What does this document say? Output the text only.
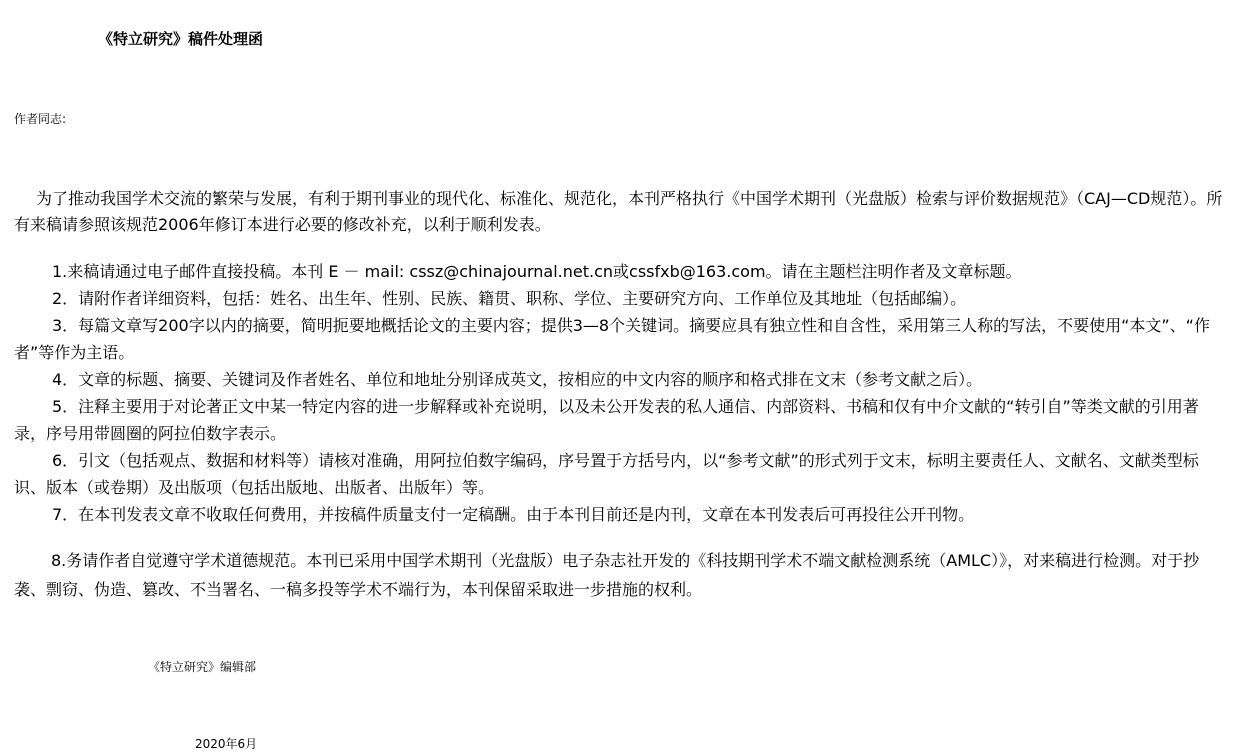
《特立研究》稿件处理函
作者同志:
为了推动我国学术交流的繁荣与发展，有利于期刊事业的现代化、标准化、规范化，本刊严格执行《中国学术期刊（光盘版）检索与评价数据规范》（CAJ—CD规范）。所有来稿请参照该规范2006年修订本进行必要的修改补充，以利于顺利发表。
1.来稿请通过电子邮件直接投稿。本刊 E － mail: cssz@chinajournal.net.cn或cssfxb@163.com。请在主题栏注明作者及文章标题。
2．请附作者详细资料，包括：姓名、出生年、性别、民族、籍贯、职称、学位、主要研究方向、工作单位及其地址（包括邮编）。
3．每篇文章写200字以内的摘要，简明扼要地概括论文的主要内容；提供3—8个关键词。摘要应具有独立性和自含性，采用第三人称的写法，不要使用“本文”、“作者”等作为主语。
4．文章的标题、摘要、关键词及作者姓名、单位和地址分别译成英文，按相应的中文内容的顺序和格式排在文末（参考文献之后）。
5．注释主要用于对论著正文中某一特定内容的进一步解释或补充说明，以及未公开发表的私人通信、内部资料、书稿和仅有中介文献的“转引自”等类文献的引用著录，序号用带圆圈的阿拉伯数字表示。
6．引文（包括观点、数据和材料等）请核对准确，用阿拉伯数字编码，序号置于方括号内，以“参考文献”的形式列于文末，标明主要责任人、文献名、文献类型标识、版本（或卷期）及出版项（包括出版地、出版者、出版年）等。
7．在本刊发表文章不收取任何费用，并按稿件质量支付一定稿酬。由于本刊目前还是内刊，文章在本刊发表后可再投往公开刊物。
8.务请作者自觉遵守学术道德规范。本刊已采用中国学术期刊（光盘版）电子杂志社开发的《科技期刊学术不端文献检测系统（AMLC）》，对来稿进行检测。对于抄袭、剽窃、伪造、篡改、不当署名、一稿多投等学术不端行为，本刊保留采取进一步措施的权利。
《特立研究》编辑部
2020年6月
